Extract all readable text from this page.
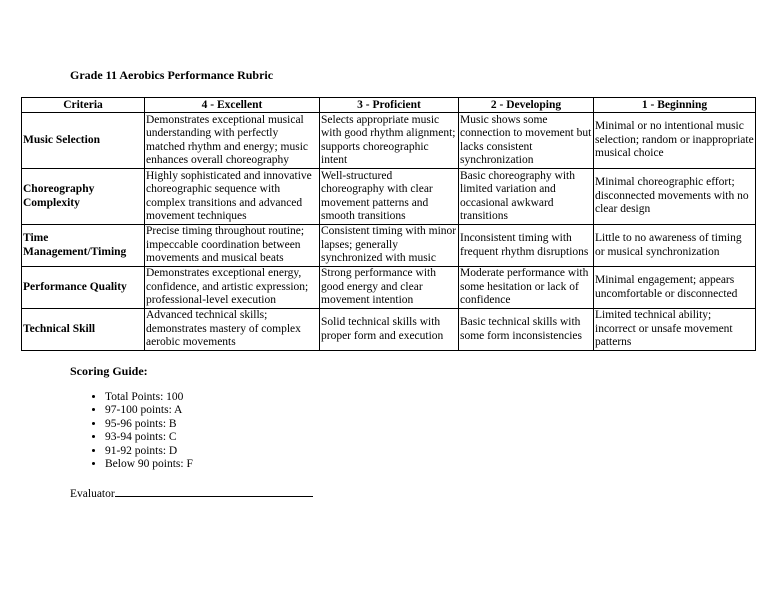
Grade 11 Aerobics Performance Rubric
Criteria	4 - Excellent	3 - Proficient	2 - Developing	1 - Beginning
Music Selection	Demonstrates exceptional musical understanding with perfectly matched rhythm and energy; music enhances overall choreography	Selects appropriate music with good rhythm alignment; supports choreographic intent	Music shows some connection to movement but lacks consistent synchronization	Minimal or no intentional music selection; random or inappropriate musical choice
Choreography Complexity	Highly sophisticated and innovative choreographic sequence with complex transitions and advanced movement techniques	Well-structured choreography with clear movement patterns and smooth transitions	Basic choreography with limited variation and occasional awkward transitions	Minimal choreographic effort; disconnected movements with no clear design
Time Management/Timing	Precise timing throughout routine; impeccable coordination between movements and musical beats	Consistent timing with minor lapses; generally synchronized with music	Inconsistent timing with frequent rhythm disruptions	Little to no awareness of timing or musical synchronization
Performance Quality	Demonstrates exceptional energy, confidence, and artistic expression; professional-level execution	Strong performance with good energy and clear movement intention	Moderate performance with some hesitation or lack of confidence	Minimal engagement; appears uncomfortable or disconnected
Technical Skill	Advanced technical skills; demonstrates mastery of complex aerobic movements	Solid technical skills with proper form and execution	Basic technical skills with some form inconsistencies	Limited technical ability; incorrect or unsafe movement patterns
Scoring Guide:
• Total Points: 100
• 97-100 points: A
• 95-96 points: B
• 93-94 points: C
• 91-92 points: D
• Below 90 points: F
Evaluator
